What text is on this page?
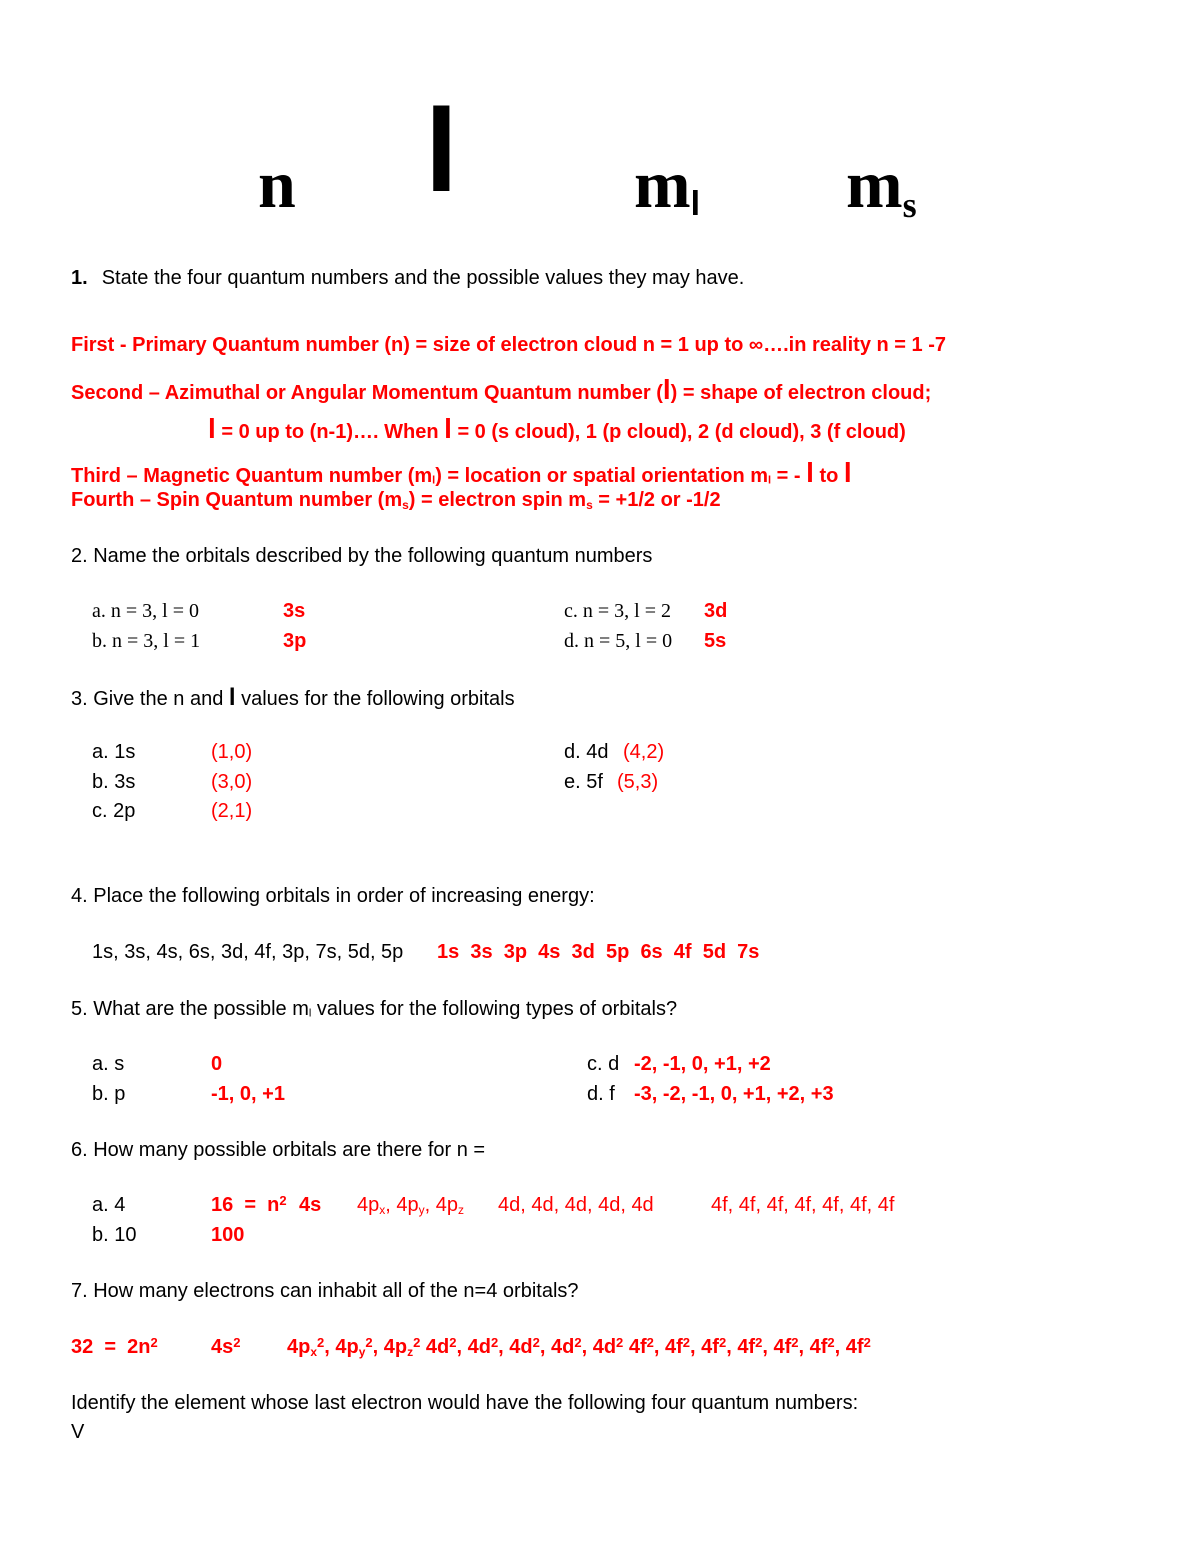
n l	ml ms
1. State the four quantum numbers and the possible values they may have.
First - Primary Quantum number (n) = size of electron cloud n = 1 up to ∞….in reality n = 1 -7
Second – Azimuthal or Angular Momentum Quantum number (l) = shape of electron cloud;
l = 0 up to (n-1)…. When l = 0 (s cloud), 1 (p cloud), 2 (d cloud), 3 (f cloud)
Third – Magnetic Quantum number (ml) = location or spatial orientation ml = - l to l
Fourth – Spin Quantum number (ms) = electron spin ms = +1/2 or -1/2
2. Name the orbitals described by the following quantum numbers
a. n = 3, l = 0	3s
b. n = 3, l = 1	3p
c. n = 3, l = 2 3d
d. n = 5, l = 0 5s
3. Give the n and l values for the following orbitals
a. 1s	(1,0)
b. 3s	(3,0)
c. 2p	(2,1)
d. 4d (4,2)
e. 5f (5,3)
4. Place the following orbitals in order of increasing energy:
1s, 3s, 4s, 6s, 3d, 4f, 3p, 7s, 5d, 5p 1s  3s  3p  4s  3d  5p  6s  4f  5d  7s
5. What are the possible ml values for the following types of orbitals?
a. s	0
b. p	-1, 0, +1
c. d -2, -1, 0, +1, +2
d. f -3, -2, -1, 0, +1, +2, +3
6. How many possible orbitals are there for n =
a. 4	$16 = n^2$ 4s 4px, 4py, 4pz 4d, 4d, 4d, 4d, 4d	4f, 4f, 4f, 4f, 4f, 4f, 4f
b. 10	100
7. How many electrons can inhabit all of the n=4 orbitals?
$32 = 2n^2$	$4s^2$ $4px^2$, $4py^2$, $4pz^2$ $4d^2$, $4d^2$, $4d^2$, $4d^2$, $4d^2$ $4f^2$, $4f^2$, $4f^2$, $4f^2$, $4f^2$, $4f^2$, $4f^2$
Identify the element whose last electron would have the following four quantum numbers:
V
